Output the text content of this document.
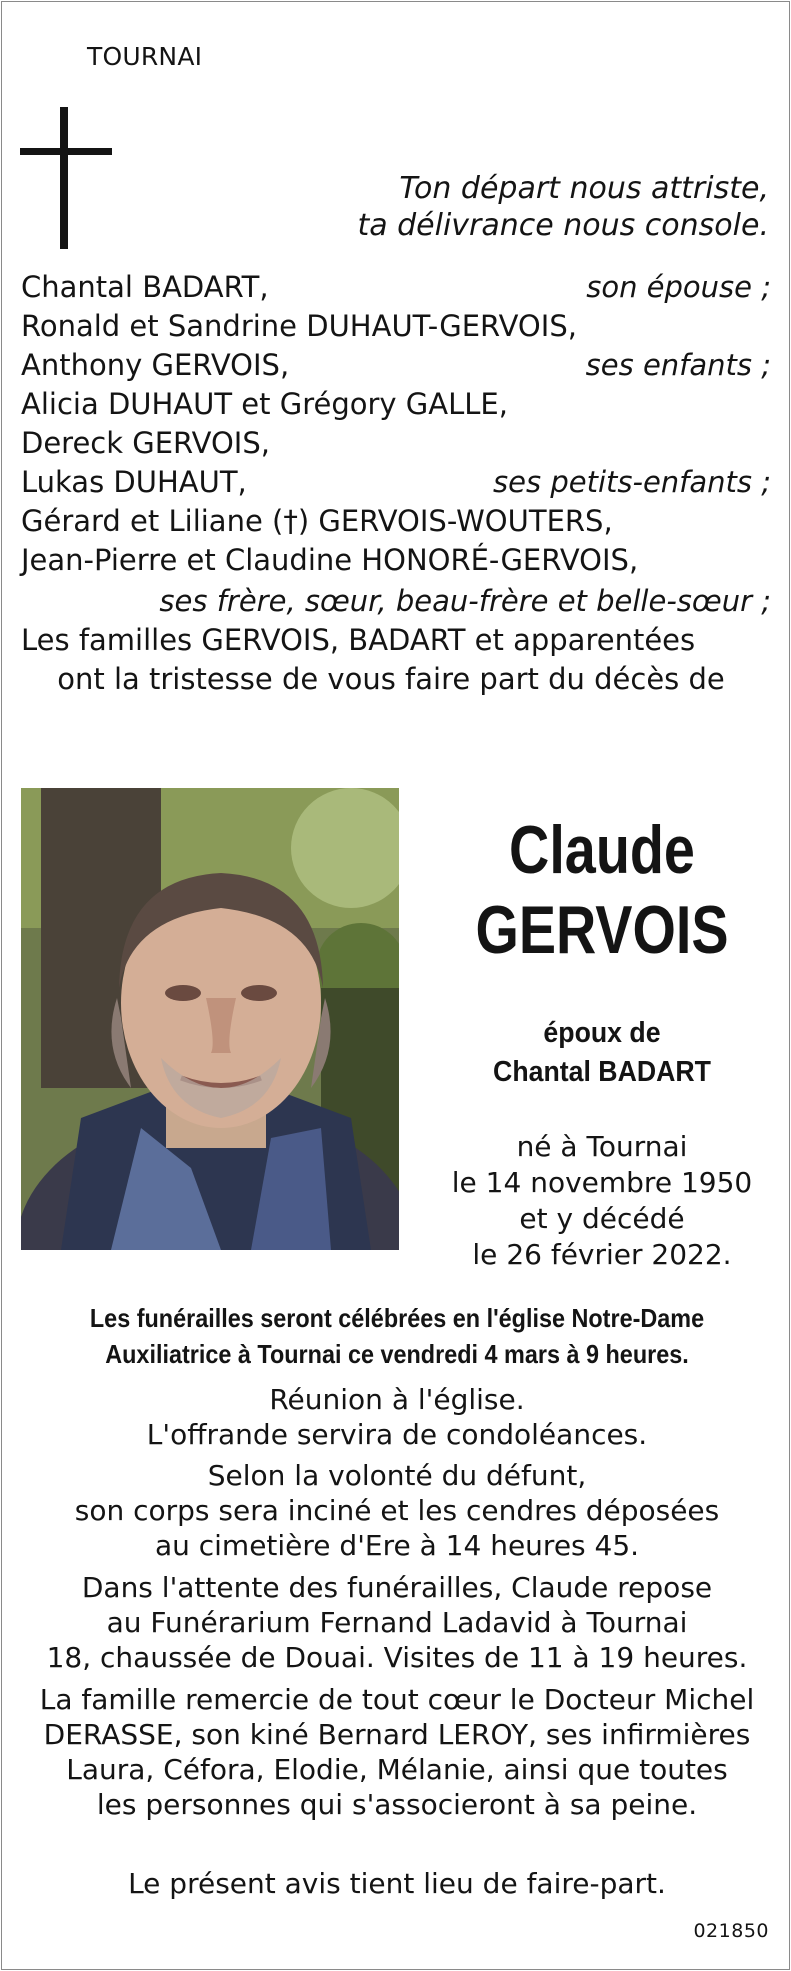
TOURNAI
Ton départ nous attriste,
ta délivrance nous console.
Chantal BADART,	son épouse ;
Ronald et Sandrine DUHAUT-GERVOIS,
Anthony GERVOIS,	ses enfants ;
Alicia DUHAUT et Grégory GALLE,
Dereck GERVOIS,
Lukas DUHAUT,	ses petits-enfants ;
Gérard et Liliane (†) GERVOIS-WOUTERS,
Jean-Pierre et Claudine HONORÉ-GERVOIS,
ses frère, sœur, beau-frère et belle-sœur ;
Les familles GERVOIS, BADART et apparentées
ont la tristesse de vous faire part du décès de
Claude
GERVOIS
époux de
Chantal BADART
né à Tournai
le 14 novembre 1950
et y décédé
le 26 février 2022.
Les funérailles seront célébrées en l'église Notre-Dame
Auxiliatrice à Tournai ce vendredi 4 mars à 9 heures.
Réunion à l'église.
L'offrande servira de condoléances.
Selon la volonté du défunt,
son corps sera inciné et les cendres déposées
au cimetière d'Ere à 14 heures 45.
Dans l'attente des funérailles, Claude repose
au Funérarium Fernand Ladavid à Tournai
18, chaussée de Douai. Visites de 11 à 19 heures.
La famille remercie de tout cœur le Docteur Michel
DERASSE, son kiné Bernard LEROY, ses infirmières
Laura, Céfora, Elodie, Mélanie, ainsi que toutes
les personnes qui s'associeront à sa peine.
Le présent avis tient lieu de faire-part.
021850
